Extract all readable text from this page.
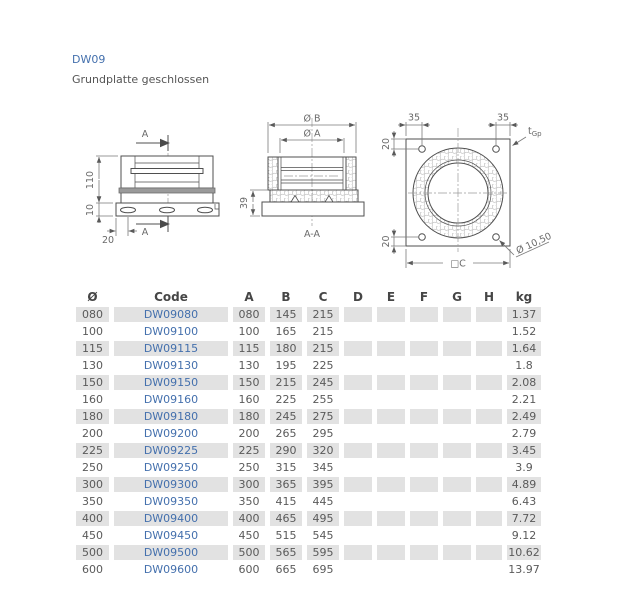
DW09
Grundplatte geschlossen
A
A
110
10
20
Ø B
Ø A
39
A-A
35	35
20
20
$t_{Gp}$
Ø 10,50
□C
Ø	Code	A	B	C	D	E	F	G	H	kg
080	DW09080	080	145	215						1.37
100	DW09100	100	165	215						1.52
115	DW09115	115	180	215						1.64
130	DW09130	130	195	225						1.8
150	DW09150	150	215	245						2.08
160	DW09160	160	225	255						2.21
180	DW09180	180	245	275						2.49
200	DW09200	200	265	295						2.79
225	DW09225	225	290	320						3.45
250	DW09250	250	315	345						3.9
300	DW09300	300	365	395						4.89
350	DW09350	350	415	445						6.43
400	DW09400	400	465	495						7.72
450	DW09450	450	515	545						9.12
500	DW09500	500	565	595						10.62
600	DW09600	600	665	695						13.97
